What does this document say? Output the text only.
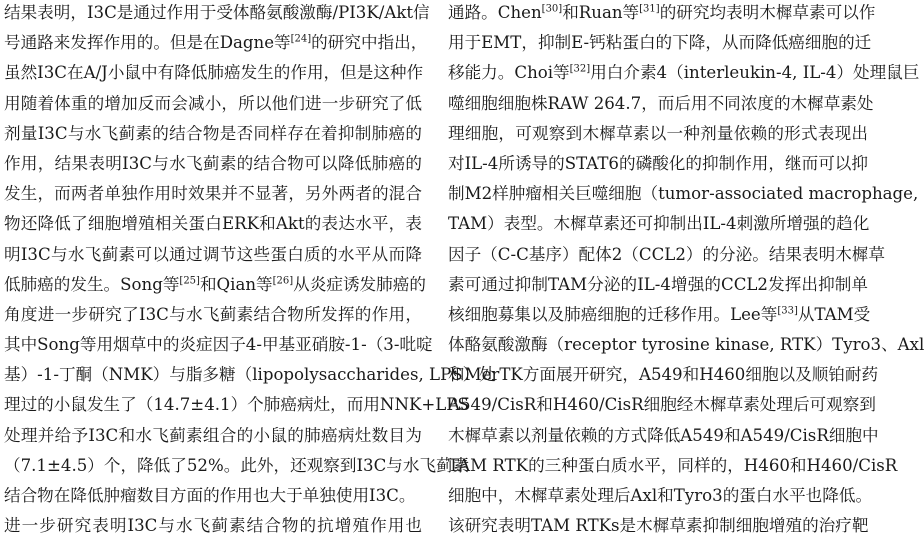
结果表明，I3C是通过作用于受体酪氨酸激酶/PI3K/Akt信
号通路来发挥作用的。但是在Dagne等[24]的研究中指出，
虽然I3C在A/J小鼠中有降低肺癌发生的作用，但是这种作
用随着体重的增加反而会减小，所以他们进一步研究了低
剂量I3C与水飞蓟素的结合物是否同样存在着抑制肺癌的
作用，结果表明I3C与水飞蓟素的结合物可以降低肺癌的
发生，而两者单独作用时效果并不显著，另外两者的混合
物还降低了细胞增殖相关蛋白ERK和Akt的表达水平，表
明I3C与水飞蓟素可以通过调节这些蛋白质的水平从而降
低肺癌的发生。Song等[25]和Qian等[26]从炎症诱发肺癌的
角度进一步研究了I3C与水飞蓟素结合物所发挥的作用，
其中Song等用烟草中的炎症因子4-甲基亚硝胺-1-（3-吡啶
基）-1-丁酮（NMK）与脂多糖（lipopolysaccharides, LPS）处
理过的小鼠发生了（14.7±4.1）个肺癌病灶，而用NNK+LPS
处理并给予I3C和水飞蓟素组合的小鼠的肺癌病灶数目为
（7.1±4.5）个，降低了52%。此外，还观察到I3C与水飞蓟素
结合物在降低肿瘤数目方面的作用也大于单独使用I3C。
进一步研究表明I3C与水飞蓟素结合物的抗增殖作用也
通路。Chen[30]和Ruan等[31]的研究均表明木樨草素可以作
用于EMT，抑制E-钙粘蛋白的下降，从而降低癌细胞的迁
移能力。Choi等[32]用白介素4（interleukin-4, IL-4）处理鼠巨
噬细胞细胞株RAW 264.7，而后用不同浓度的木樨草素处
理细胞，可观察到木樨草素以一种剂量依赖的形式表现出
对IL-4所诱导的STAT6的磷酸化的抑制作用，继而可以抑
制M2样肿瘤相关巨噬细胞（tumor-associated macrophage,
TAM）表型。木樨草素还可抑制出IL-4刺激所增强的趋化
因子（C-C基序）配体2（CCL2）的分泌。结果表明木樨草
素可通过抑制TAM分泌的IL-4增强的CCL2发挥出抑制单
核细胞募集以及肺癌细胞的迁移作用。Lee等[33]从TAM受
体酪氨酸激酶（receptor tyrosine kinase, RTK）Tyro3、Axl
和MerTK方面展开研究，A549和H460细胞以及顺铂耐药
A549/CisR和H460/CisR细胞经木樨草素处理后可观察到
木樨草素以剂量依赖的方式降低A549和A549/CisR细胞中
TAM RTK的三种蛋白质水平，同样的，H460和H460/CisR
细胞中，木樨草素处理后Axl和Tyro3的蛋白水平也降低。
该研究表明TAM RTKs是木樨草素抑制细胞增殖的治疗靶
